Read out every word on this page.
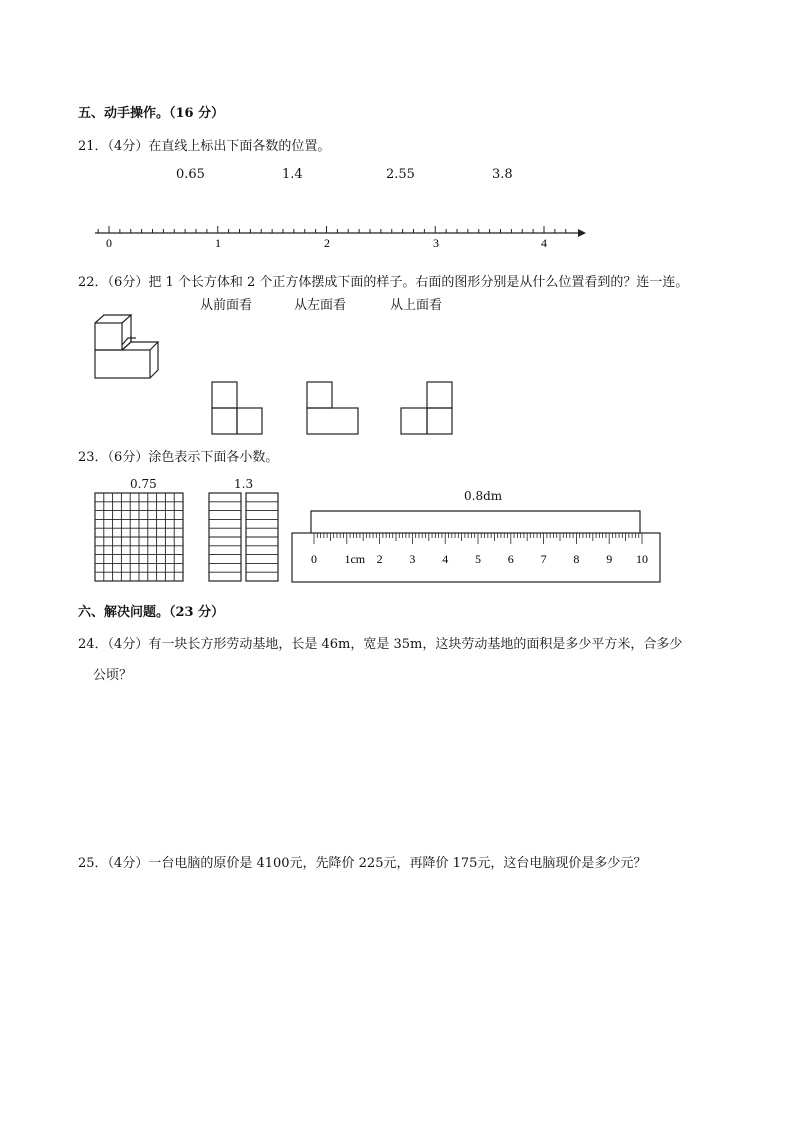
五、动手操作。（16 分）
21．（4分）在直线上标出下面各数的位置。
0.65	1.4	2.55	3.8
0	1	2	3	4
22．（6分）把 1 个长方体和 2 个正方体摆成下面的样子。右面的图形分别是从什么位置看到的？连一连。
从前面看	从左面看	从上面看
23．（6分）涂色表示下面各小数。
0.75	1.3
0.8dm
0 1cm 2 3 4 5 6 7 8 9 10
六、解决问题。（23 分）
24．（4分）有一块长方形劳动基地，长是 46m，宽是 35m，这块劳动基地的面积是多少平方米，合多少
公顷？
25．（4分）一台电脑的原价是 4100元，先降价 225元，再降价 175元，这台电脑现价是多少元？
